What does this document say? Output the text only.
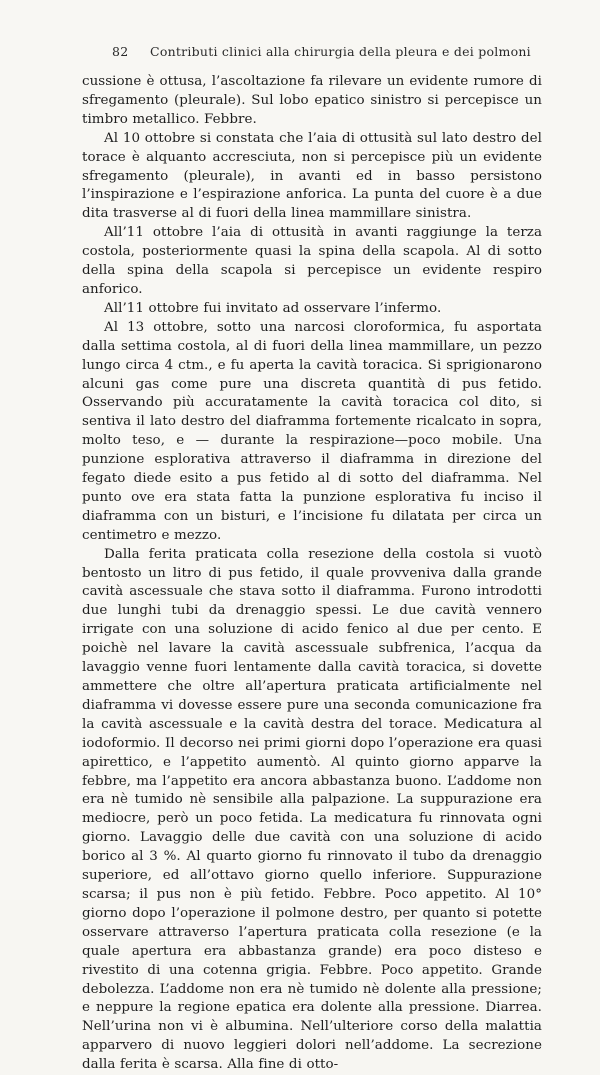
82 Contributi clinici alla chirurgia della pleura e dei polmoni

cussione è ottusa, l’ascoltazione fa rilevare un evidente rumore di sfregamento (pleurale). Sul lobo epatico sinistro si percepisce un timbro metallico. Febbre.

Al 10 ottobre si constata che l’aia di ottusità sul lato destro del torace è alquanto accresciuta, non si percepisce più un evidente sfregamento (pleurale), in avanti ed in basso persistono l’inspirazione e l’espirazione anforica. La punta del cuore è a due dita trasverse al di fuori della linea mammillare sinistra.

All’11 ottobre l’aia di ottusità in avanti raggiunge la terza costola, posteriormente quasi la spina della scapola. Al di sotto della spina della scapola si percepisce un evidente respiro anforico.

All’11 ottobre fui invitato ad osservare l’infermo.

Al 13 ottobre, sotto una narcosi cloroformica, fu asportata dalla settima costola, al di fuori della linea mammillare, un pezzo lungo circa 4 ctm., e fu aperta la cavità toracica. Si sprigionarono alcuni gas come pure una discreta quantità di pus fetido. Osservando più accuratamente la cavità toracica col dito, si sentiva il lato destro del diaframma fortemente ricalcato in sopra, molto teso, e — durante la respirazione—poco mobile. Una punzione esplorativa attraverso il diaframma in direzione del fegato diede esito a pus fetido al di sotto del diaframma. Nel punto ove era stata fatta la punzione esplorativa fu inciso il diaframma con un bisturi, e l’incisione fu dilatata per circa un centimetro e mezzo.

Dalla ferita praticata colla resezione della costola si vuotò bentosto un litro di pus fetido, il quale provveniva dalla grande cavità ascessuale che stava sotto il diaframma. Furono introdotti due lunghi tubi da drenaggio spessi. Le due cavità vennero irrigate con una soluzione di acido fenico al due per cento. E poichè nel lavare la cavità ascessuale subfrenica, l’acqua da lavaggio venne fuori lentamente dalla cavità toracica, si dovette ammettere che oltre all’apertura praticata artificialmente nel diaframma vi dovesse essere pure una seconda comunicazione fra la cavità ascessuale e la cavità destra del torace. Medicatura al iodoformio. Il decorso nei primi giorni dopo l’operazione era quasi apirettico, e l’appetito aumentò. Al quinto giorno apparve la febbre, ma l’appetito era ancora abbastanza buono. L’addome non era nè tumido nè sensibile alla palpazione. La suppurazione era mediocre, però un poco fetida. La medicatura fu rinnovata ogni giorno. Lavaggio delle due cavità con una soluzione di acido borico al 3 %. Al quarto giorno fu rinnovato il tubo da drenaggio superiore, ed all’ottavo giorno quello inferiore. Suppurazione scarsa; il pus non è più fetido. Febbre. Poco appetito. Al 10° giorno dopo l’operazione il polmone destro, per quanto si potette osservare attraverso l’apertura praticata colla resezione (e la quale apertura era abbastanza grande) era poco disteso e rivestito di una cotenna grigia. Febbre. Poco appetito. Grande debolezza. L’addome non era nè tumido nè dolente alla pressione; e neppure la regione epatica era dolente alla pressione. Diarrea. Nell’urina non vi è albumina. Nell’ulteriore corso della malattia apparvero di nuovo leggieri dolori nell’addome. La secrezione dalla ferita è scarsa. Alla fine di otto-
